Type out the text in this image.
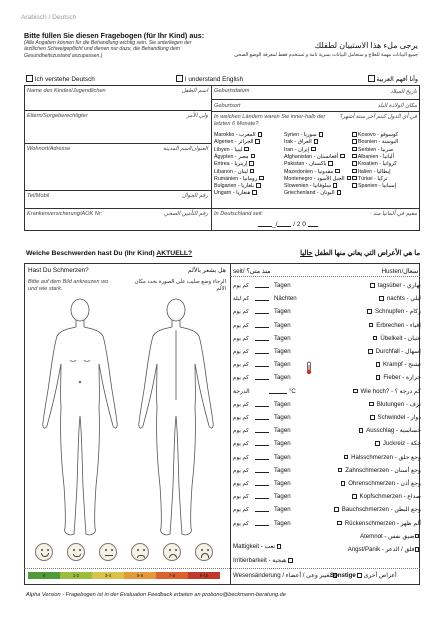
Arabisch / Deutsch
Bitte füllen Sie diesen Fragebogen (für Ihr Kind) aus:
(Alle Angaben können für die Behandlung wichtig sein. Sie unterliegen der ärztlichen Schweigepflicht und dienen nur dazu, die Behandlung dem Gesundheitszustand anzupassen.)
يرجى ملء هذا الاستبيان لطفلك
جميع البيانات مهمة للعلاج و ستعامل البيانات بسرية تامة و تستخدم فقط لمعرفة الوضع الصحي
Ich verstehe Deutsch	I understand English	وأنا أفهم العربية
Name des Kindes/Jugendlichen	اسم الطفل
Eltern/Sorgeberechtigter	ولي الأمر
Wohnort/Adresse	العنوان/اسم المدينة
Tel/Mobil	رقم الجوال
Krankenversicherung/AOK Nr:	رقم التأمين الصحي
Geburtsdatum	تاريخ الميلاد
Geburtsort	مكان الولادة البلد
In welchen Ländern waren Sie inner-halb der letzten 6 Monate?
في أي الدول كنتم آخر ستة أشهر؟
Marokko - المغرب
Algerien - الجزائر
Libyen - ليبيا
Ägypten - مصر
Eritrea - إريتريا
Libanon - لبنان
Rumänien - رومانيا
Bulgarien - بلغاريا
Ungarn - هنغاريا
Syrien - سوريا
Irak - العراق
Iran - إيران
Afghanistan - أفغانستان
Pakistan - باكستان
Mazedonien - مقدونيا
Montenegro - الجبل الأسود
Slowenien - سلوفانيا
Griechenland - اليونان
Kosovo - كوسوفو
Bosnien - البوسنة
Serbien - صربيا
Albanien - ألبانيا
Kroatien - كرواتيا
Italien - إيطاليا
Türkei - تركيا
Spanien - إسبانيا
In Deutschland seit:	مقيم في ألمانيا منذ :
_/ / 2 0
Welche Beschwerden hast Du (Ihr Kind) AKTUELL?	ما هي الأعراض التي يعاني منها الطفل حاليا
Hast Du Schmerzen?	هل يشعر بالألم
Bitte auf dem Bild ankreuzen wo und wie stark.
الرجاء وضع صليب على الصورة بحدد مكان الألم
0	1-2	3-4	5-6	7-8	9-10
seit/ منذ متى؟	سعال/Husten
tagsüber - نهاري
كم يوم	Tagen
nachts - ليلي
كم ليلة	Nächten
Schnupfen - زكام
كم يوم	Tagen
Erbrechen - إقياء
كم يوم	Tagen
Übelkeit - غثيان
كم يوم	Tagen
Durchfall - إسهال
كم يوم	Tagen
Krampf - تشنج
كم يوم	Tagen
Fieber - حرارة
كم يوم	Tagen
Wie hoch? - كم درجة ؟
الدرجة	°C
Blutungen - نزف
كم يوم	Tagen
Schwindel - دوار
كم يوم	Tagen
Ausschlag - حساسية
كم يوم	Tagen
Juckreiz - حكة
كم يوم	Tagen
Halsschmerzen - وجع حلق
كم يوم	Tagen
Zahnschmerzen - وجع أسنان
كم يوم	Tagen
Ohrenschmerzen - وجع أذن
كم يوم	Tagen
Kopfschmerzen - صداع
كم يوم	Tagen
Bauchschmerzen - وجع البطن
كم يوم	Tagen
Rückenschmerzen - ألم ظهر
كم يوم	Tagen
Atemnot - ضيق نفس
Angst/Panik - قلق / الذعر
Mattigkeit - تعب
Irritierbarkeit - هيجية
Wesensänderung / تغيير وعي / أعضاء
Sonstige أعراض أخرى
Alpha Version - Fragebogen ist in der Evaluation Feedback erbeten an probono@beckmann-beratung.de
